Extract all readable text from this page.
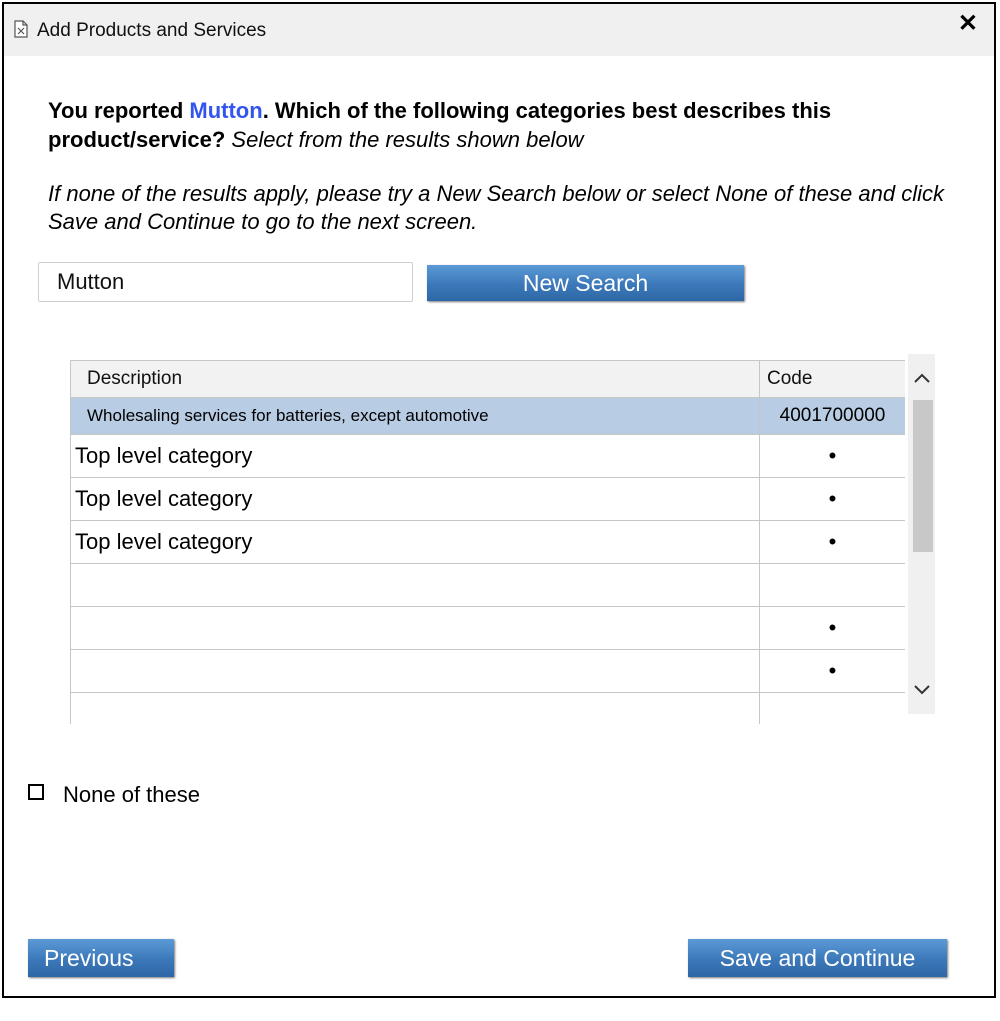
Add Products and Services	✕
You reported Mutton. Which of the following categories best describes this product/service? Select from the results shown below
If none of the results apply, please try a New Search below or select None of these and click Save and Continue to go to the next screen.
Mutton
New Search
Description	Code
Wholesaling services for batteries, except automotive	4001700000
Top level category	•
Top level category	•
Top level category	•

	•
	•

None of these
Previous	Save and Continue
